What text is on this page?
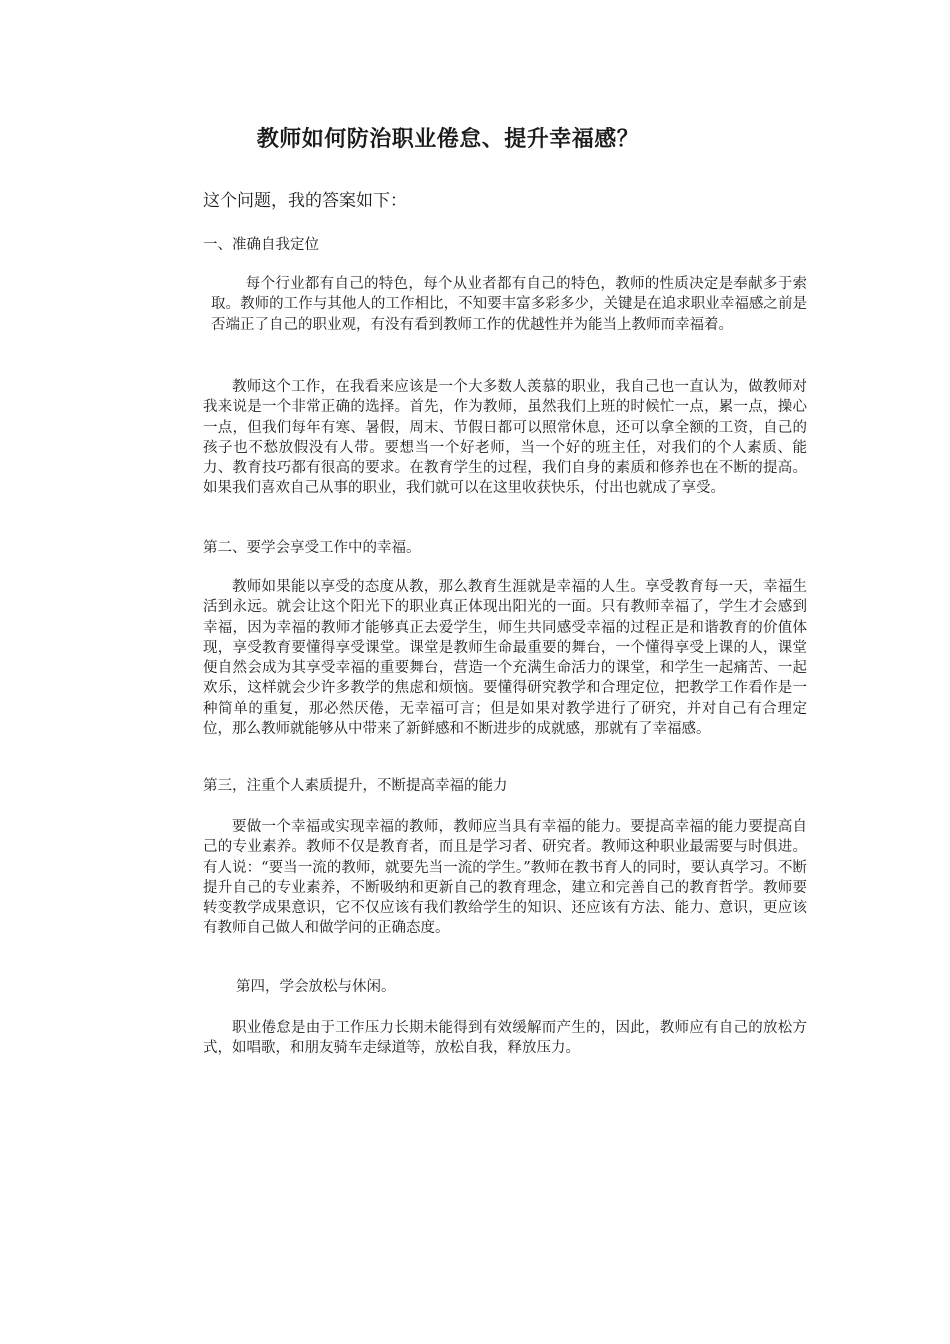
教师如何防治职业倦怠、提升幸福感？
这个问题，我的答案如下：
一、准确自我定位

每个行业都有自己的特色，每个从业者都有自己的特色，教师的性质决定是奉献多于索取。教师的工作与其他人的工作相比，不知要丰富多彩多少，关键是在追求职业幸福感之前是否端正了自己的职业观，有没有看到教师工作的优越性并为能当上教师而幸福着。

教师这个工作，在我看来应该是一个大多数人羡慕的职业，我自己也一直认为，做教师对我来说是一个非常正确的选择。首先，作为教师，虽然我们上班的时候忙一点，累一点，操心一点，但我们每年有寒、暑假，周末、节假日都可以照常休息，还可以拿全额的工资，自己的孩子也不愁放假没有人带。要想当一个好老师，当一个好的班主任，对我们的个人素质、能力、教育技巧都有很高的要求。在教育学生的过程，我们自身的素质和修养也在不断的提高。如果我们喜欢自己从事的职业，我们就可以在这里收获快乐，付出也就成了享受。

第二、要学会享受工作中的幸福。

教师如果能以享受的态度从教，那么教育生涯就是幸福的人生。享受教育每一天，幸福生活到永远。就会让这个阳光下的职业真正体现出阳光的一面。只有教师幸福了，学生才会感到幸福，因为幸福的教师才能够真正去爱学生，师生共同感受幸福的过程正是和谐教育的价值体现，享受教育要懂得享受课堂。课堂是教师生命最重要的舞台，一个懂得享受上课的人，课堂便自然会成为其享受幸福的重要舞台，营造一个充满生命活力的课堂，和学生一起痛苦、一起欢乐，这样就会少许多教学的焦虑和烦恼。要懂得研究教学和合理定位，把教学工作看作是一种简单的重复，那必然厌倦，无幸福可言；但是如果对教学进行了研究，并对自己有合理定位，那么教师就能够从中带来了新鲜感和不断进步的成就感，那就有了幸福感。

第三，注重个人素质提升，不断提高幸福的能力

要做一个幸福或实现幸福的教师，教师应当具有幸福的能力。要提高幸福的能力要提高自己的专业素养。教师不仅是教育者，而且是学习者、研究者。教师这种职业最需要与时俱进。有人说：“要当一流的教师，就要先当一流的学生。”教师在教书育人的同时，要认真学习。不断提升自己的专业素养，不断吸纳和更新自己的教育理念，建立和完善自己的教育哲学。教师要转变教学成果意识，它不仅应该有我们教给学生的知识、还应该有方法、能力、意识，更应该有教师自己做人和做学问的正确态度。

第四，学会放松与休闲。

职业倦怠是由于工作压力长期未能得到有效缓解而产生的，因此，教师应有自己的放松方式，如唱歌，和朋友骑车走绿道等，放松自我，释放压力。
